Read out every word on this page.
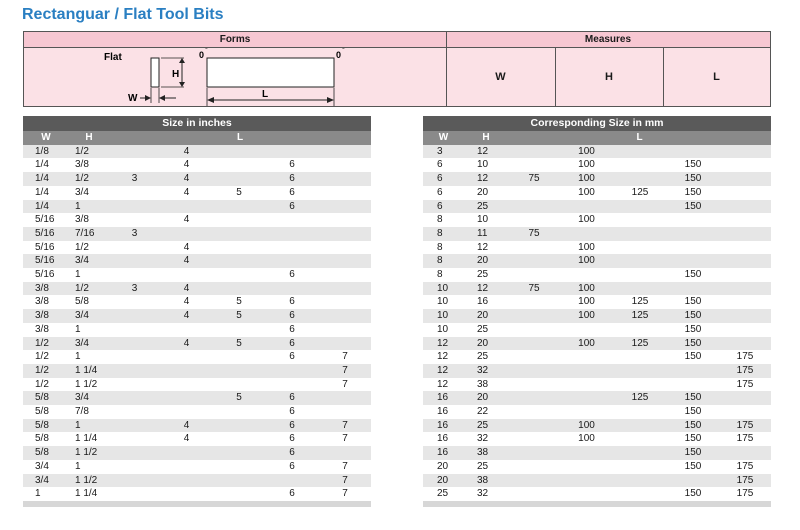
Rectanguar / Flat Tool Bits
Forms	Measures
W	H	L
Flat
H
W
0 °	0 °
L
Size in inches						
W	H	L				
1/8	1/2		4			
1/4	3/8		4		6	
1/4	1/2	3	4		6	
1/4	3/4		4	5	6	
1/4	1				6	
5/16	3/8		4			
5/16	7/16	3				
5/16	1/2		4			
5/16	3/4		4			
5/16	1				6	
3/8	1/2	3	4			
3/8	5/8		4	5	6	
3/8	3/4		4	5	6	
3/8	1				6	
1/2	3/4		4	5	6	
1/2	1				6	7
1/2	1 1/4					7
1/2	1 1/2					7
5/8	3/4			5	6	
5/8	7/8				6	
5/8	1		4		6	7
5/8	1 1/4		4		6	7
5/8	1 1/2				6	
3/4	1				6	7
3/4	1 1/2					7
1	1 1/4				6	7

Corresponding Size in mm						
W	H	L				
3	12		100			
6	10		100		150	
6	12	75	100		150	
6	20		100	125	150	
6	25				150	
8	10		100			
8	11	75				
8	12		100			
8	20		100			
8	25				150	
10	12	75	100			
10	16		100	125	150	
10	20		100	125	150	
10	25				150	
12	20		100	125	150	
12	25				150	175
12	32					175
12	38					175
16	20			125	150	
16	22				150	
16	25		100		150	175
16	32		100		150	175
16	38				150	
20	25				150	175
20	38					175
25	32				150	175
